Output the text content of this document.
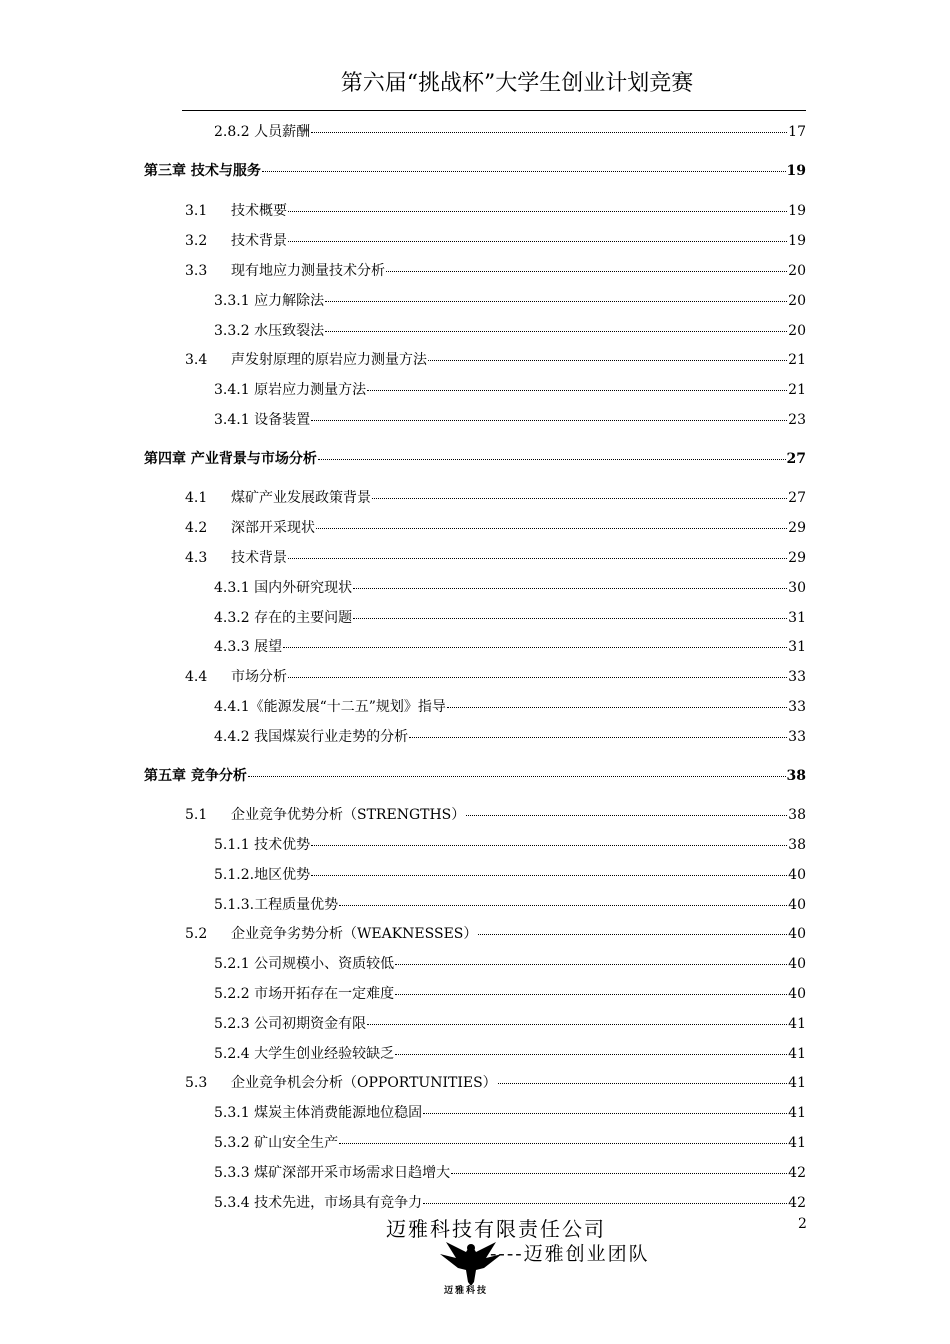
第六届“挑战杯”大学生创业计划竞赛
2.8.2 人员薪酬	17
第三章 技术与服务	19
3.1	技术概要	19
3.2	技术背景	19
3.3	现有地应力测量技术分析	20
3.3.1 应力解除法	20
3.3.2 水压致裂法	20
3.4	声发射原理的原岩应力测量方法	21
3.4.1 原岩应力测量方法	21
3.4.1 设备装置	23
第四章 产业背景与市场分析	27
4.1	煤矿产业发展政策背景	27
4.2	深部开采现状	29
4.3	技术背景	29
4.3.1 国内外研究现状	30
4.3.2 存在的主要问题	31
4.3.3 展望	31
4.4	市场分析	33
4.4.1《能源发展“十二五”规划》指导	33
4.4.2 我国煤炭行业走势的分析	33
第五章 竞争分析	38
5.1	企业竞争优势分析（STRENGTHS）	38
5.1.1 技术优势	38
5.1.2.地区优势	40
5.1.3.工程质量优势	40
5.2	企业竞争劣势分析（WEAKNESSES）	40
5.2.1 公司规模小、资质较低	40
5.2.2 市场开拓存在一定难度	40
5.2.3 公司初期资金有限	41
5.2.4 大学生创业经验较缺乏	41
5.3	企业竞争机会分析（OPPORTUNITIES）	41
5.3.1 煤炭主体消费能源地位稳固	41
5.3.2 矿山安全生产	41
5.3.3 煤矿深部开采市场需求日趋增大	42
5.3.4 技术先进，市场具有竞争力	42
迈雅科技有限责任公司	2
迈雅科技
----迈雅创业团队
